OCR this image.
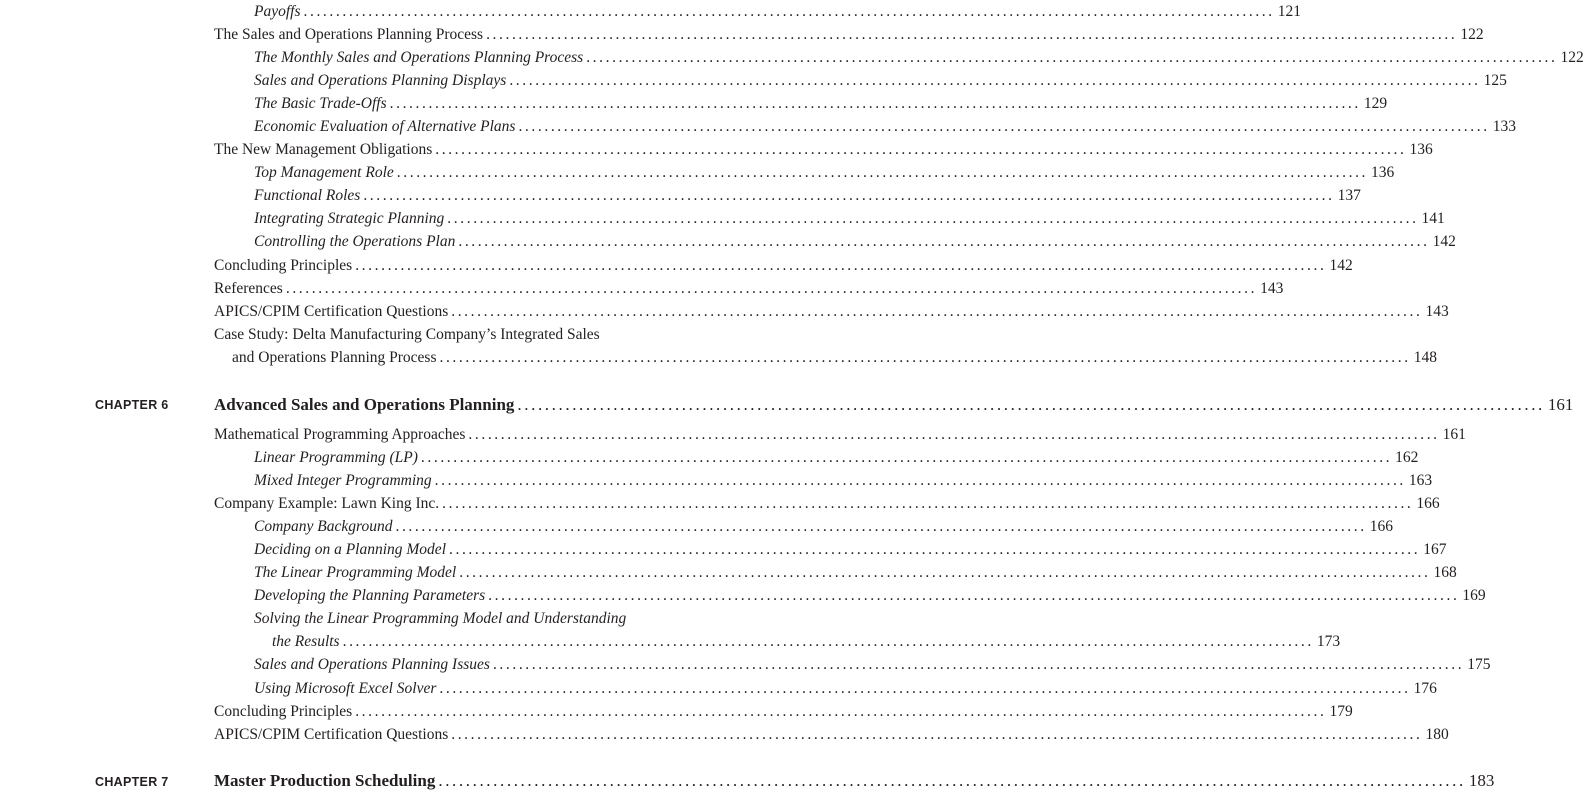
Payoffs ...................................................................................................................................................... 121
The Sales and Operations Planning Process ...................................................................................................................................................... 122
The Monthly Sales and Operations Planning Process ...................................................................................................................................................... 122
Sales and Operations Planning Displays ...................................................................................................................................................... 125
The Basic Trade-Offs ...................................................................................................................................................... 129
Economic Evaluation of Alternative Plans ...................................................................................................................................................... 133
The New Management Obligations ...................................................................................................................................................... 136
Top Management Role ...................................................................................................................................................... 136
Functional Roles ...................................................................................................................................................... 137
Integrating Strategic Planning ...................................................................................................................................................... 141
Controlling the Operations Plan ...................................................................................................................................................... 142
Concluding Principles ...................................................................................................................................................... 142
References ...................................................................................................................................................... 143
APICS/CPIM Certification Questions ...................................................................................................................................................... 143
Case Study: Delta Manufacturing Company’s Integrated Sales
and Operations Planning Process ...................................................................................................................................................... 148
CHAPTER 6	Advanced Sales and Operations Planning ...................................................................................................................................................... 161
Mathematical Programming Approaches ...................................................................................................................................................... 161
Linear Programming (LP) ...................................................................................................................................................... 162
Mixed Integer Programming ...................................................................................................................................................... 163
Company Example: Lawn King Inc. ...................................................................................................................................................... 166
Company Background ...................................................................................................................................................... 166
Deciding on a Planning Model ...................................................................................................................................................... 167
The Linear Programming Model ...................................................................................................................................................... 168
Developing the Planning Parameters ...................................................................................................................................................... 169
Solving the Linear Programming Model and Understanding
the Results ...................................................................................................................................................... 173
Sales and Operations Planning Issues ...................................................................................................................................................... 175
Using Microsoft Excel Solver ...................................................................................................................................................... 176
Concluding Principles ...................................................................................................................................................... 179
APICS/CPIM Certification Questions ...................................................................................................................................................... 180
CHAPTER 7	Master Production Scheduling ...................................................................................................................................................... 183
